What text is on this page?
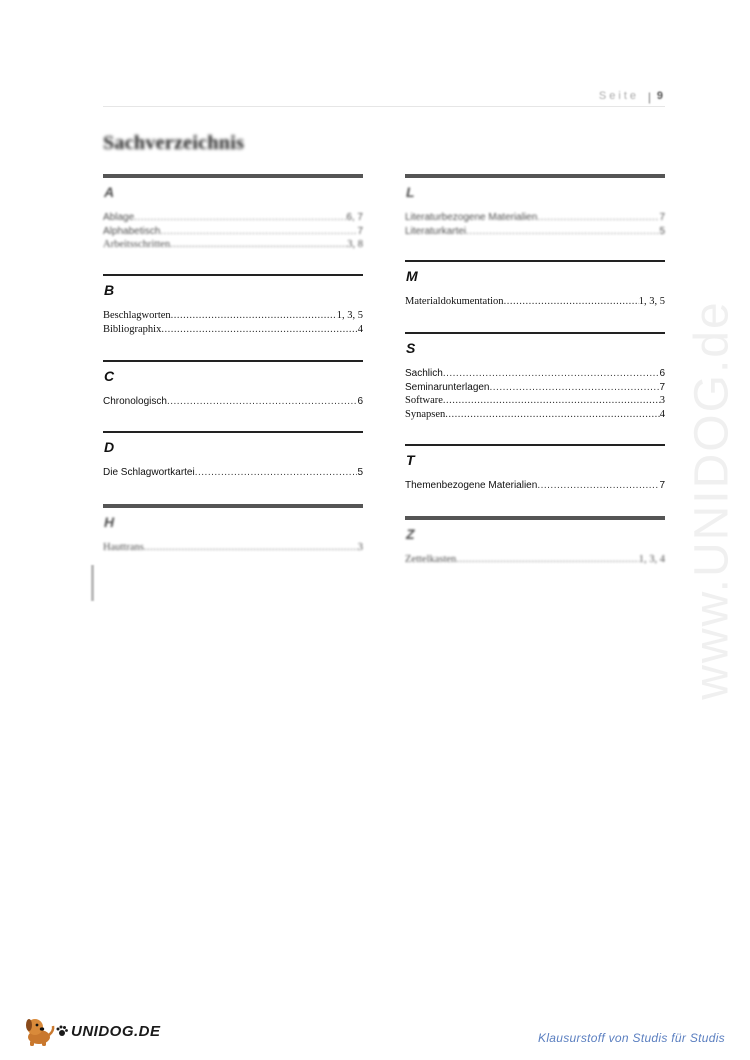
Seite | 9
Sachverzeichnis
A
Ablage .....	6, 7
Alphabetisch .....	7
Arbeitsschritten .....	3, 8
B
Beschlagworten .....	1, 3, 5
Bibliographix .....	4
C
Chronologisch .....	6
D
Die Schlagwortkartei .....	5
H
Hauttrans .....	3
L
Literaturbezogene Materialien .....	7
Literaturkartei .....	5
M
Materialdokumentation .....	1, 3, 5
S
Sachlich .....	6
Seminarunterlagen .....	7
Software .....	3
Synapsen .....	4
T
Themenbezogene Materialien .....	7
Z
Zettelkasten .....	1, 3, 4 www.UNIDOG.de
UNIDOG.DE	Klausurstoff von Studis für Studis
